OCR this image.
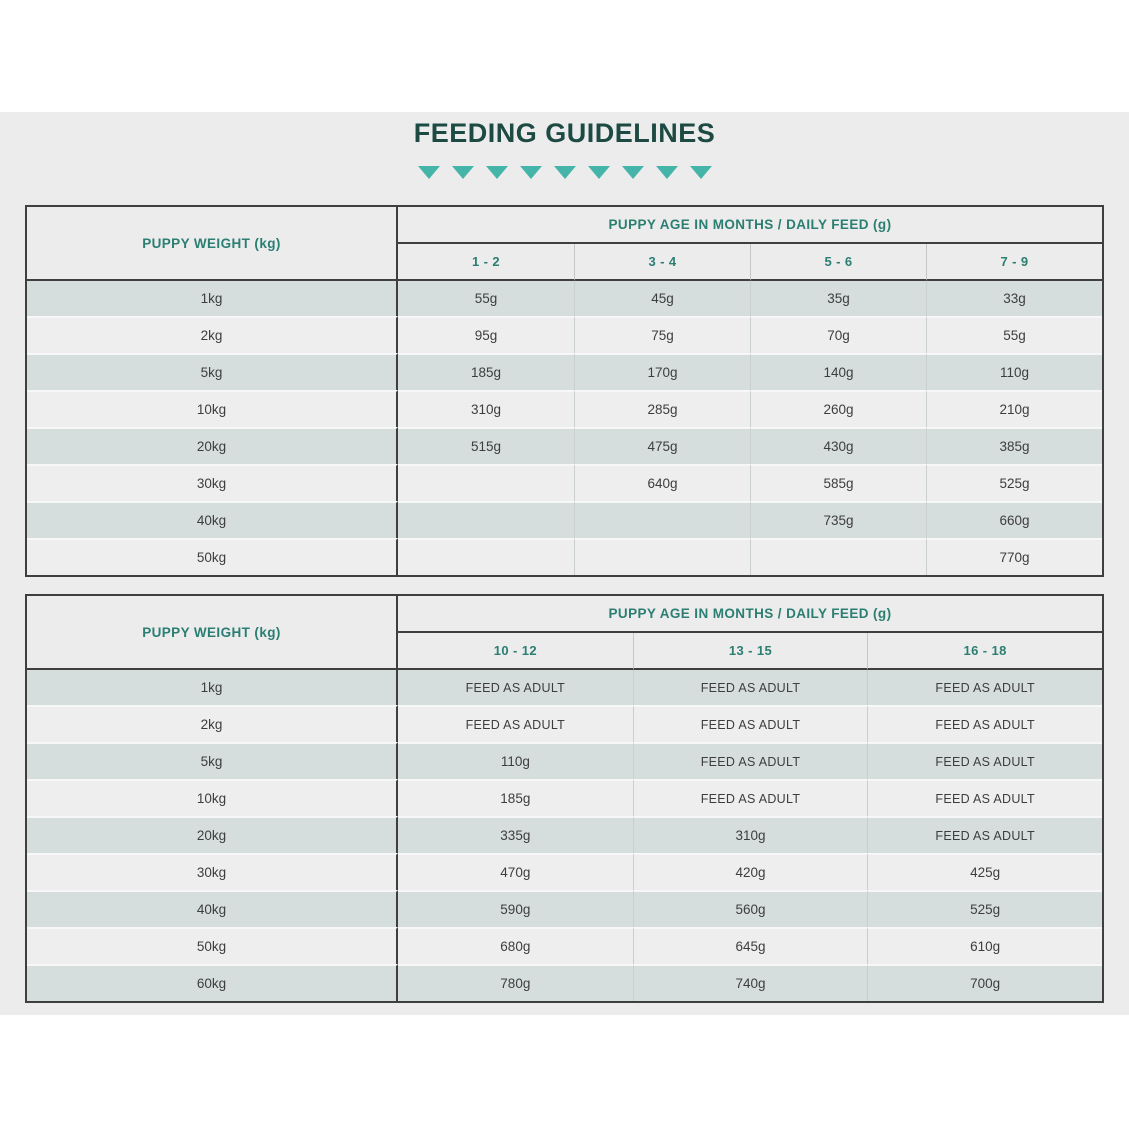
FEEDING GUIDELINES
PUPPY WEIGHT (kg)	PUPPY AGE IN MONTHS / DAILY FEED (g)			
	1 - 2	3 - 4	5 - 6	7 - 9
1kg	55g	45g	35g	33g
2kg	95g	75g	70g	55g
5kg	185g	170g	140g	110g
10kg	310g	285g	260g	210g
20kg	515g	475g	430g	385g
30kg		640g	585g	525g
40kg			735g	660g
50kg				770g
PUPPY WEIGHT (kg)	PUPPY AGE IN MONTHS / DAILY FEED (g)		
	10 - 12	13 - 15	16 - 18
1kg	FEED AS ADULT	FEED AS ADULT	FEED AS ADULT
2kg	FEED AS ADULT	FEED AS ADULT	FEED AS ADULT
5kg	110g	FEED AS ADULT	FEED AS ADULT
10kg	185g	FEED AS ADULT	FEED AS ADULT
20kg	335g	310g	FEED AS ADULT
30kg	470g	420g	425g
40kg	590g	560g	525g
50kg	680g	645g	610g
60kg	780g	740g	700g
